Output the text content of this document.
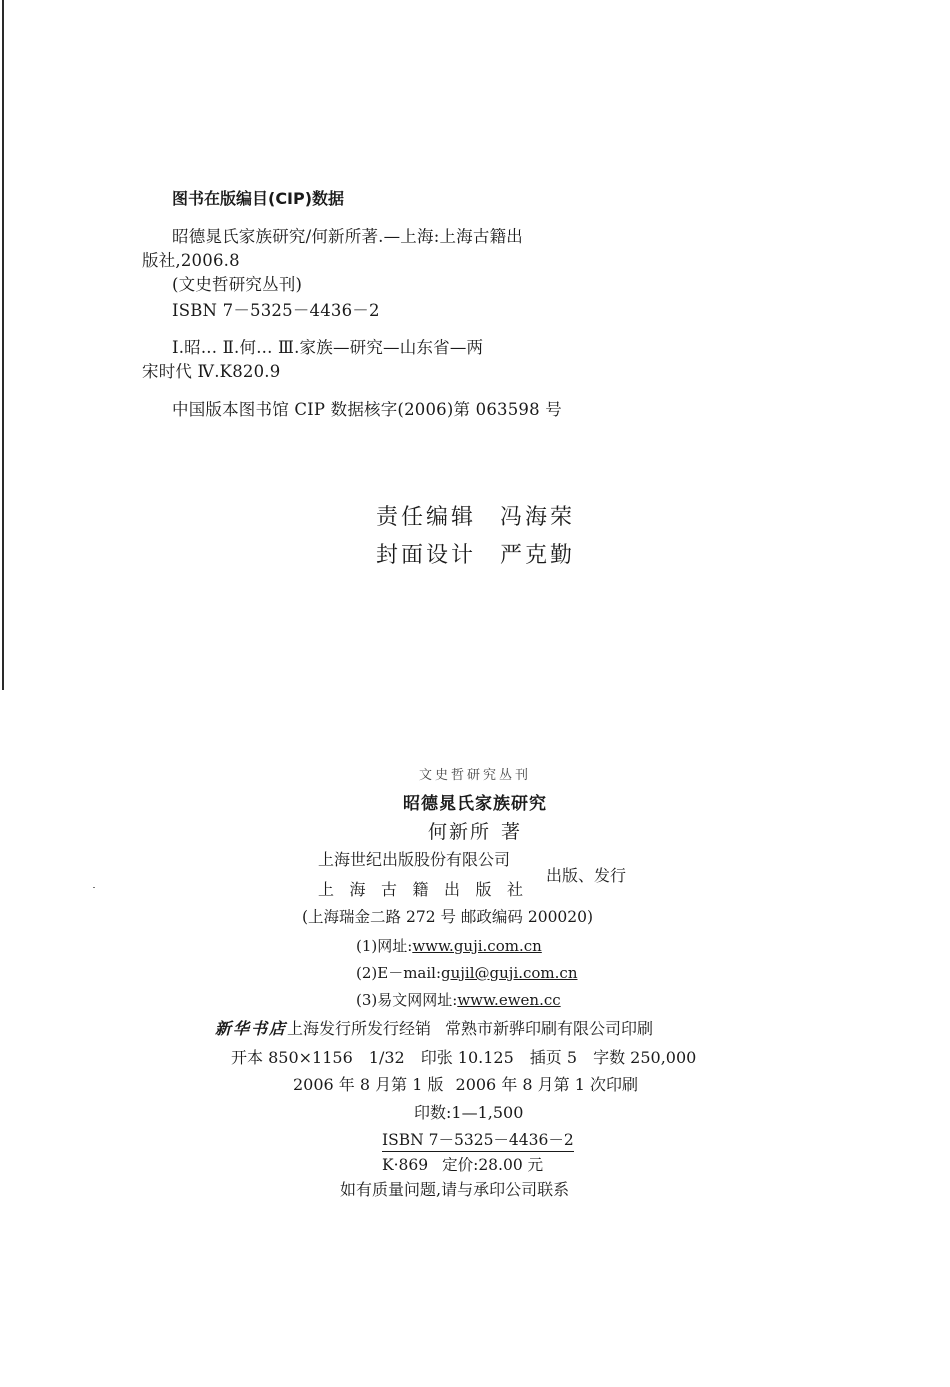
图书在版编目(CIP)数据
昭德晁氏家族研究/何新所著.—上海:上海古籍出
版社,2006.8
(文史哲研究丛刊)
ISBN 7－5325－4436－2
Ⅰ.昭... Ⅱ.何... Ⅲ.家族—研究—山东省—两
宋时代 Ⅳ.K820.9
中国版本图书馆 CIP 数据核字(2006)第 063598 号
责任编辑 冯海荣
封面设计 严克勤
文史哲研究丛刊
昭德晁氏家族研究
何新所 著
上海世纪出版股份有限公司
上海古籍出版社
出版、发行
(上海瑞金二路 272 号 邮政编码 200020)
(1)网址:www.guji.com.cn
(2)E－mail:gujil@guji.com.cn
(3)易文网网址:www.ewen.cc
新华书店上海发行所发行经销 常熟市新骅印刷有限公司印刷
开本 850×1156 1/32 印张 10.125 插页 5 字数 250,000
2006 年 8 月第 1 版 2006 年 8 月第 1 次印刷
印数:1—1,500
ISBN 7－5325－4436－2
K·869 定价:28.00 元
如有质量问题,请与承印公司联系
